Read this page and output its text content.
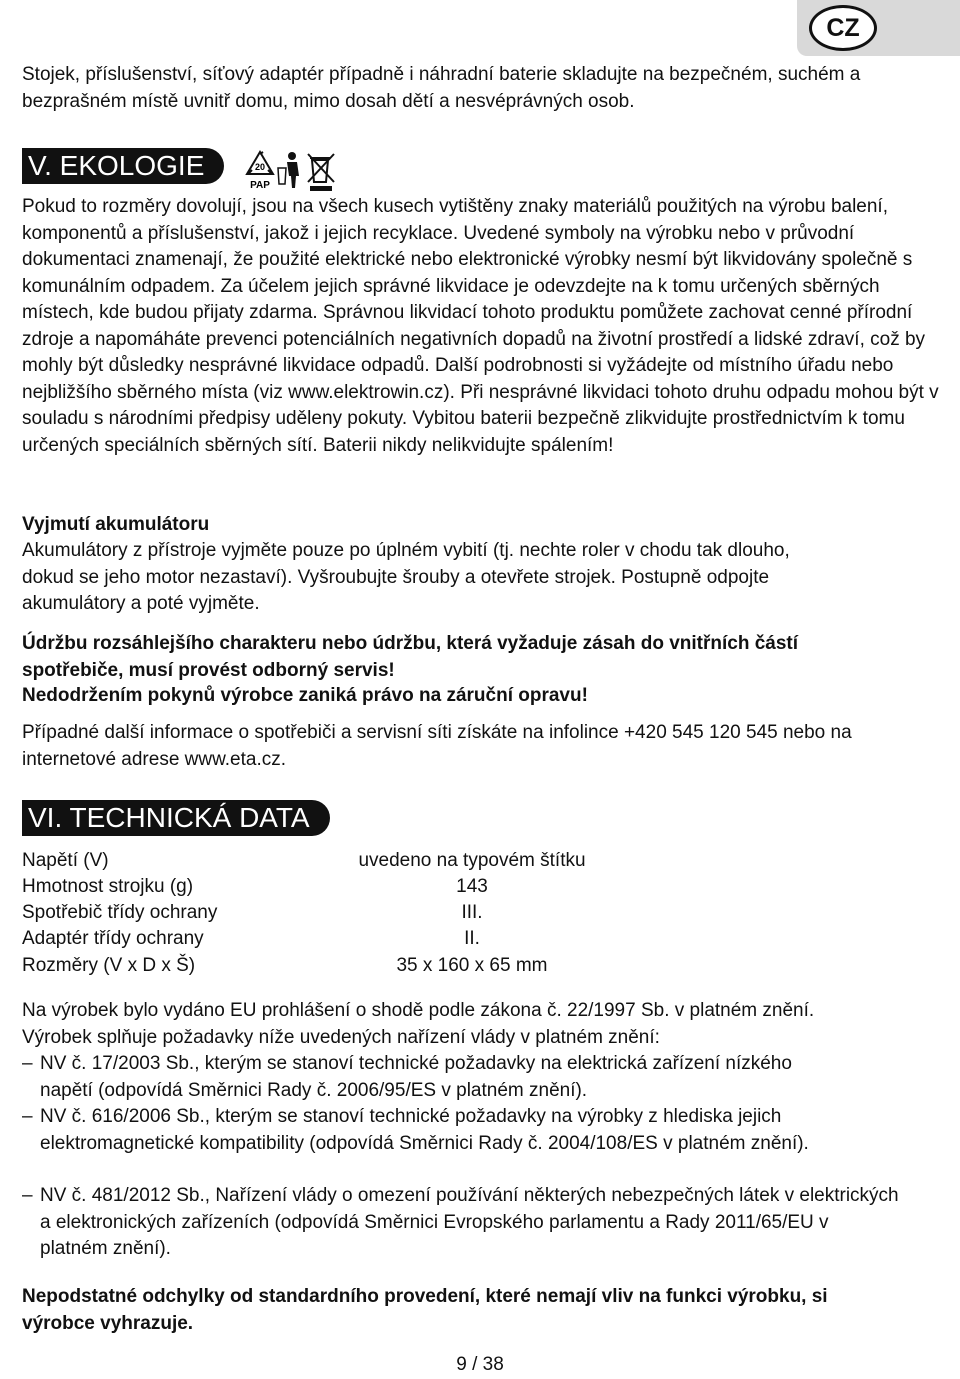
CZ

Stojek, příslušenství, síťový adaptér případně i náhradní baterie skladujte na bezpečném, suchém a bezprašném místě uvnitř domu, mimo dosah dětí a nesvéprávných osob.

V. EKOLOGIE	20
PAP

Pokud to rozměry dovolují, jsou na všech kusech vytištěny znaky materiálů použitých na výrobu balení, komponentů a příslušenství, jakož i jejich recyklace. Uvedené symboly na výrobku nebo v průvodní dokumentaci znamenají, že použité elektrické nebo elektronické výrobky nesmí být likvidovány společně s komunálním odpadem. Za účelem jejich správné likvidace je odevzdejte na k tomu určených sběrných místech, kde budou přijaty zdarma. Správnou likvidací tohoto produktu pomůžete zachovat cenné přírodní zdroje a napomáháte prevenci potenciálních negativních dopadů na životní prostředí a lidské zdraví, což by mohly být důsledky nesprávné likvidace odpadů. Další podrobnosti si vyžádejte od místního úřadu nebo nejbližšího sběrného místa (viz www.elektrowin.cz). Při nesprávné likvidaci tohoto druhu odpadu mohou být v souladu s národními předpisy uděleny pokuty. Vybitou baterii bezpečně zlikvidujte prostřednictvím k tomu určených speciálních sběrných sítí. Baterii nikdy nelikvidujte spálením!

Vyjmutí akumulátoru

Akumulátory z přístroje vyjměte pouze po úplném vybití (tj. nechte roler v chodu tak dlouho, dokud se jeho motor nezastaví). Vyšroubujte šrouby a otevřete strojek. Postupně odpojte akumulátory a poté vyjměte.

Údržbu rozsáhlejšího charakteru nebo údržbu, která vyžaduje zásah do vnitřních částí spotřebiče, musí provést odborný servis!

Nedodržením pokynů výrobce zaniká právo na záruční opravu!

Případné další informace o spotřebiči a servisní síti získáte na infolince +420 545 120 545 nebo na internetové adrese www.eta.cz.

VI. TECHNICKÁ DATA
Napětí (V)	uvedeno na typovém štítku
Hmotnost strojku (g)	143
Spotřebič třídy ochrany	III.
Adaptér třídy ochrany	II.
Rozměry (V x D x Š)	35 x 160 x 65 mm

Na výrobek bylo vydáno EU prohlášení o shodě podle zákona č. 22/1997 Sb. v platném znění. Výrobek splňuje požadavky níže uvedených nařízení vlády v platném znění:

– NV č. 17/2003 Sb., kterým se stanoví technické požadavky na elektrická zařízení nízkého napětí (odpovídá Směrnici Rady č. 2006/95/ES v platném znění).
– NV č. 616/2006 Sb., kterým se stanoví technické požadavky na výrobky z hlediska jejich elektromagnetické kompatibility (odpovídá Směrnici Rady č. 2004/108/ES v platném znění).
– NV č. 481/2012 Sb., Nařízení vlády o omezení používání některých nebezpečných látek v elektrických a elektronických zařízeních (odpovídá Směrnici Evropského parlamentu a Rady 2011/65/EU v platném znění).

Nepodstatné odchylky od standardního provedení, které nemají vliv na funkci výrobku, si výrobce vyhrazuje.

9 / 38
